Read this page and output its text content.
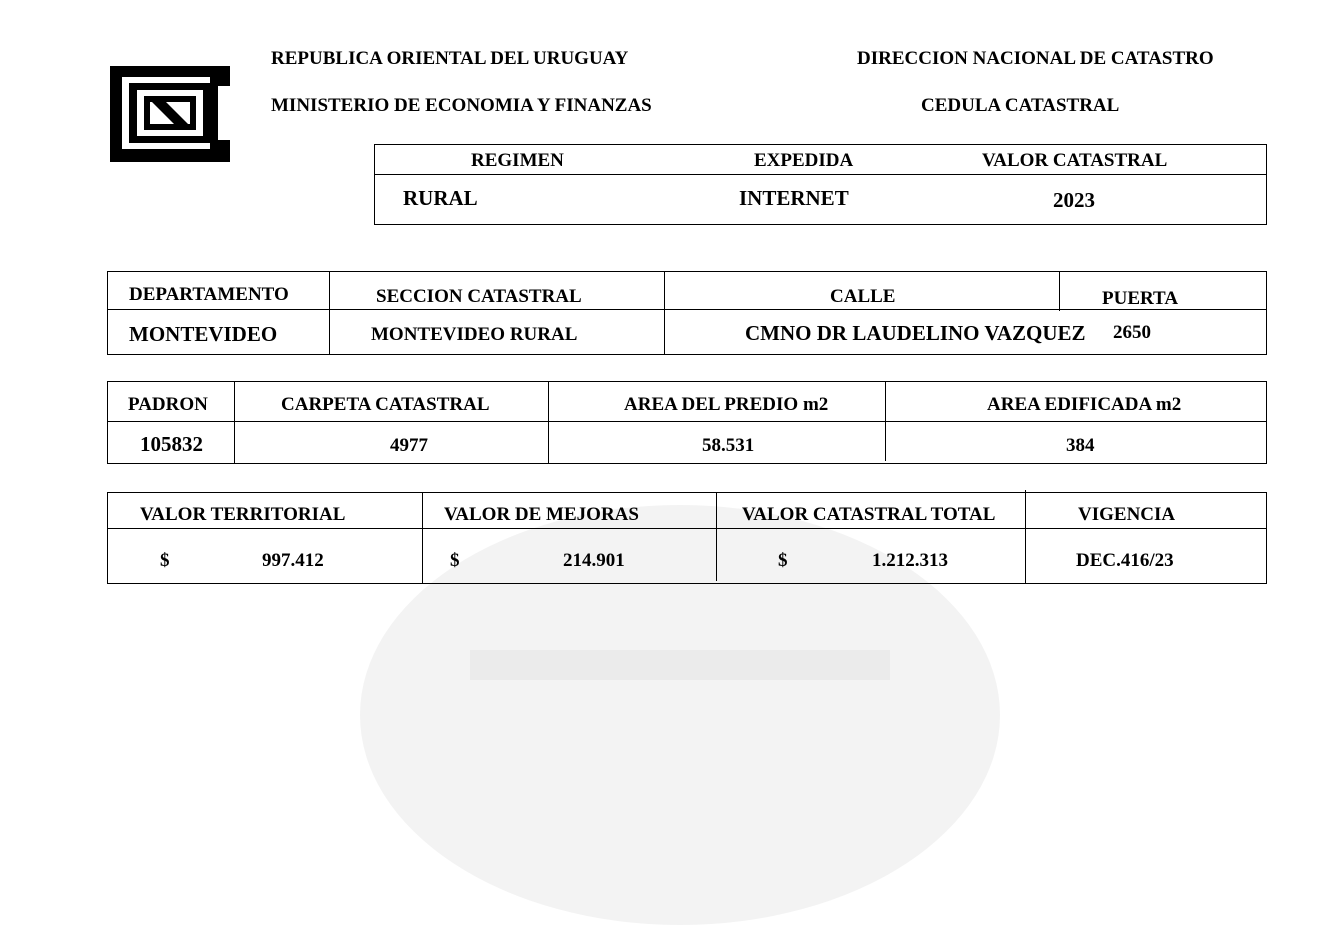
REPUBLICA ORIENTAL DEL URUGUAY
MINISTERIO DE ECONOMIA Y FINANZAS
DIRECCION NACIONAL DE CATASTRO
CEDULA CATASTRAL
REGIMEN	EXPEDIDA	VALOR CATASTRAL
RURAL	INTERNET	2023
DEPARTAMENTO	SECCION CATASTRAL	CALLE	PUERTA
MONTEVIDEO	MONTEVIDEO RURAL	CMNO DR LAUDELINO VAZQUEZ 2650
PADRON	CARPETA CATASTRAL	AREA DEL PREDIO m2	AREA EDIFICADA m2
105832	4977	58.531	384
VALOR TERRITORIAL	VALOR DE MEJORAS	VALOR CATASTRAL TOTAL	VIGENCIA
$	997.412	$	214.901	$	1.212.313	DEC.416/23
